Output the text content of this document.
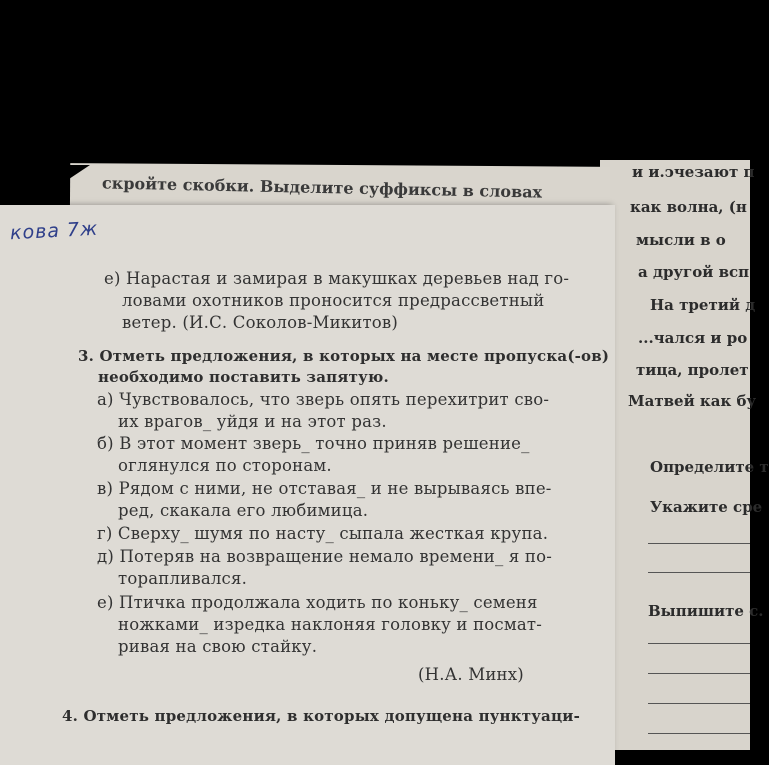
скройте скобки. Выделите суффиксы в словах
и и.ↄчезают п
как волна, (н
мысли в о
а другой всп
На третий д
...чался и ро
тица, пролет
Матвей как бу
Определите т
Укажите сре
Выпишите с.
кова 7ж
е) Нарастая и замирая в макушках деревьев над го-
ловами охотников проносится предрассветный
ветер. (И.С. Соколов-Микитов)
3. Отметь предложения, в которых на месте пропуска(-ов)
необходимо поставить запятую.
а) Чувствовалось, что зверь опять перехитрит сво-
их врагов_ уйдя и на этот раз.
б) В этот момент зверь_ точно приняв решение_
оглянулся по сторонам.
в) Рядом с ними, не отставая_ и не вырываясь впе-
ред, скакала его любимица.
г) Сверху_ шумя по насту_ сыпала жесткая крупа.
д) Потеряв на возвращение немало времени_ я по-
торапливался.
е) Птичка продолжала ходить по коньку_ семеня
ножками_ изредка наклоняя головку и посмат-
ривая на свою стайку.
(Н.А. Минх)
4. Отметь предложения, в которых допущена пунктуаци-
